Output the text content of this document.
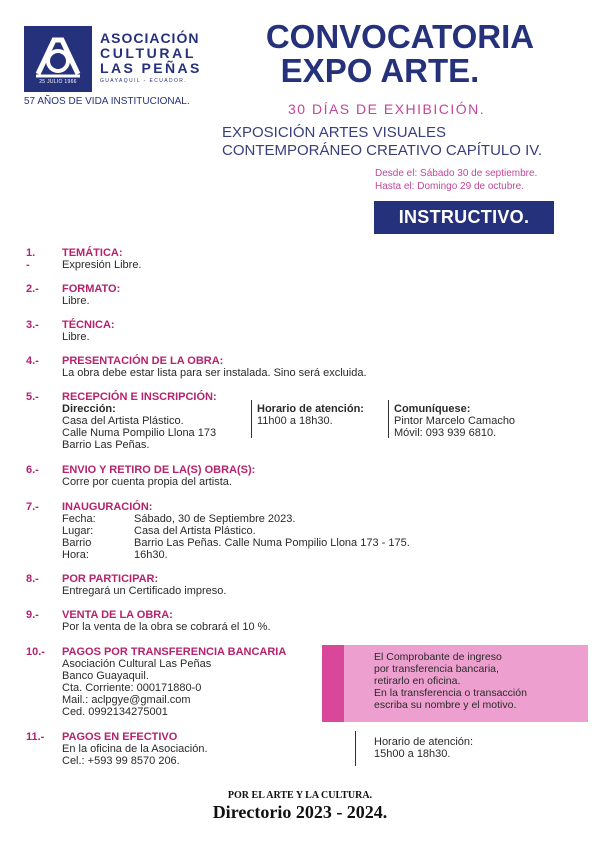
25 JULIO 1966
ASOCIACIÓN
CULTURAL
LAS PEÑAS
GUAYAQUIL - ECUADOR.
57 AÑOS DE VIDA INSTITUCIONAL.
CONVOCATORIA
EXPO ARTE.
30 DÍAS DE EXHIBICIÓN.
EXPOSICIÓN ARTES VISUALES
CONTEMPORÁNEO CREATIVO CAPÍTULO IV.
Desde el: Sábado 30 de septiembre.
Hasta el: Domingo 29 de octubre.
INSTRUCTIVO.
1. -
TEMÁTICA:
Expresión Libre.
2.- FORMATO:
Libre.
3.- TÉCNICA:
Libre.
4.- PRESENTACIÓN DE LA OBRA:
La obra debe estar lista para ser instalada. Sino será excluida.
5.- RECEPCIÓN E INSCRIPCIÓN:
Dirección:
Casa del Artista Plástico.
Calle Numa Pompilio Llona 173
Barrio Las Peñas.
Horario de atención:
11h00 a 18h30.
Comuníquese:
Pintor Marcelo Camacho
Móvil: 093 939 6810.
6.- ENVIO Y RETIRO DE LA(S) OBRA(S):
Corre por cuenta propia del artista.
7.- INAUGURACIÓN:
Fecha:	Sábado, 30 de Septiembre 2023.
Lugar:	Casa del Artista Plástico.
Barrio	Barrio Las Peñas. Calle Numa Pompilio Llona 173 - 175.
Hora:	16h30.
8.- POR PARTICIPAR:
Entregará un Certificado impreso.
9.- VENTA DE LA OBRA:
Por la venta de la obra se cobrará el 10 %.
10.- PAGOS POR TRANSFERENCIA BANCARIA
Asociación Cultural Las Peñas
Banco Guayaquil.
Cta. Corriente: 000171880-0
Mail.: aclpgye@gmail.com
Ced. 0992134275001
El Comprobante de ingreso
por transferencia bancaria,
retirarlo en oficina.
En la transferencia o transacción
escriba su nombre y el motivo.
11.- PAGOS EN EFECTIVO
En la oficina de la Asociación.
Cel.: +593 99 8570 206.
Horario de atención:
15h00 a 18h30.
POR EL ARTE Y LA CULTURA.
Directorio 2023 - 2024.
